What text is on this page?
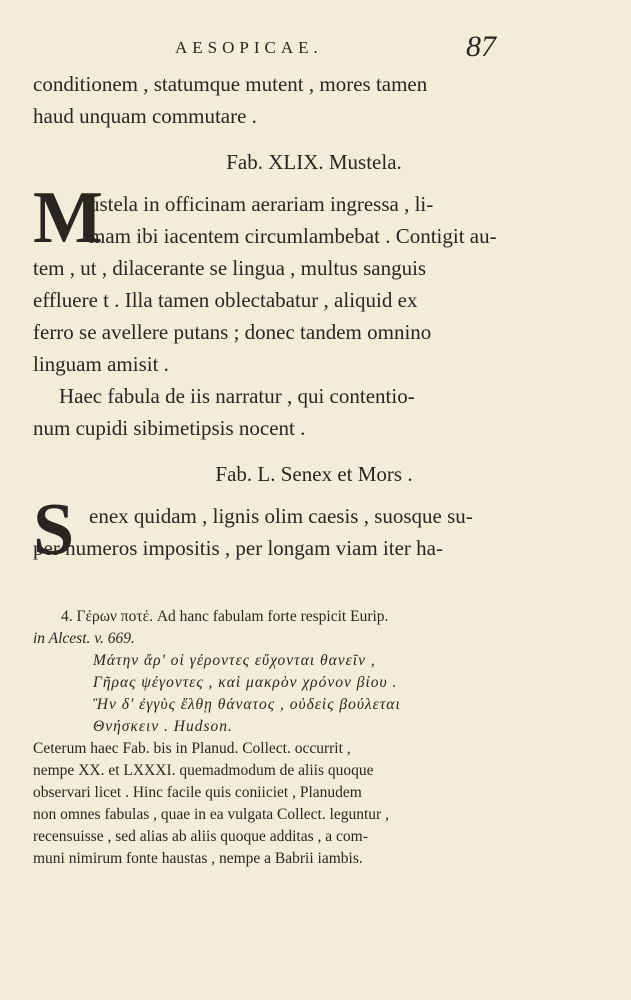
AESOPICAE.	87
conditionem , statumque mutent , mores tamen
haud unquam commutare .
Fab. XLIX. Mustela.
M
ustela in officinam aerariam ingressa , li-
mam ibi iacentem circumlambebat . Contigit au-
tem , ut , dilacerante se lingua , multus sanguis
effluere t . Illa tamen oblectabatur , aliquid ex
ferro se avellere putans ; donec tandem omnino
linguam amisit .
Haec fabula de iis narratur , qui contentio-
num cupidi sibimetipsis nocent .
Fab. L. Senex et Mors .
S enex quidam , lignis olim caesis , suosque su-
per humeros impositis , per longam viam iter ha-
4. Γέρων ποτέ. Ad hanc fabulam forte respicit Eurip.
in Alcest. v. 669.
Μάτην ἄρ' οἱ γέροντες εὔχονται θανεῖν ,
Γῆρας ψέγοντες , καὶ μακρὸν χρόνον βίου .
Ἢν δ' ἐγγὺς ἔλθῃ θάνατος , οὐδεὶς βούλεται
Θνήσκειν . Hudson.
Ceterum haec Fab. bis in Planud. Collect. occurrit ,
nempe XX. et LXXXI. quemadmodum de aliis quoque
observari licet . Hinc facile quis coniiciet , Planudem
non omnes fabulas , quae in ea vulgata Collect. leguntur ,
recensuisse , sed alias ab aliis quoque additas , a com-
muni nimirum fonte haustas , nempe a Babrii iambis.
